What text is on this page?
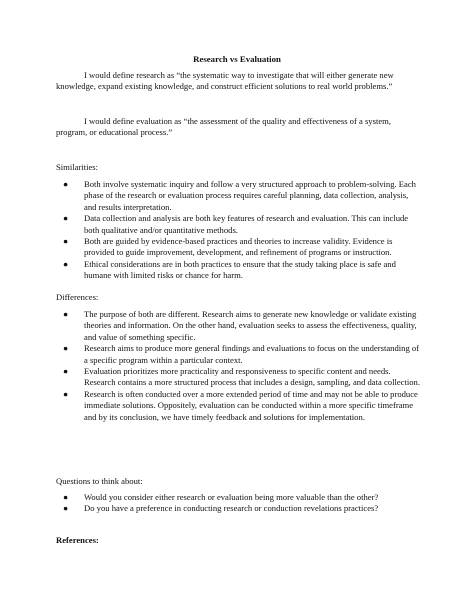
Research vs Evaluation

I would define research as “the systematic way to investigate that will either generate new knowledge, expand existing knowledge, and construct efficient solutions to real world problems.”

I would define evaluation as “the assessment of the quality and effectiveness of a system, program, or educational process.”

Similarities:
● Both involve systematic inquiry and follow a very structured approach to problem-solving. Each phase of the research or evaluation process requires careful planning, data collection, analysis, and results interpretation.
● Data collection and analysis are both key features of research and evaluation. This can include both qualitative and/or quantitative methods.
● Both are guided by evidence-based practices and theories to increase validity. Evidence is provided to guide improvement, development, and refinement of programs or instruction.
● Ethical considerations are in both practices to ensure that the study taking place is safe and humane with limited risks or chance for harm.
Differences:
● The purpose of both are different. Research aims to generate new knowledge or validate existing theories and information. On the other hand, evaluation seeks to assess the effectiveness, quality, and value of something specific.
● Research aims to produce more general findings and evaluations to focus on the understanding of a specific program within a particular context.
● Evaluation prioritizes more practicality and responsiveness to specific content and needs. Research contains a more structured process that includes a design, sampling, and data collection.
● Research is often conducted over a more extended period of time and may not be able to produce immediate solutions. Oppositely, evaluation can be conducted within a more specific timeframe and by its conclusion, we have timely feedback and solutions for implementation.
Questions to think about:
● Would you consider either research or evaluation being more valuable than the other?
● Do you have a preference in conducting research or conduction revelations practices?
References:
